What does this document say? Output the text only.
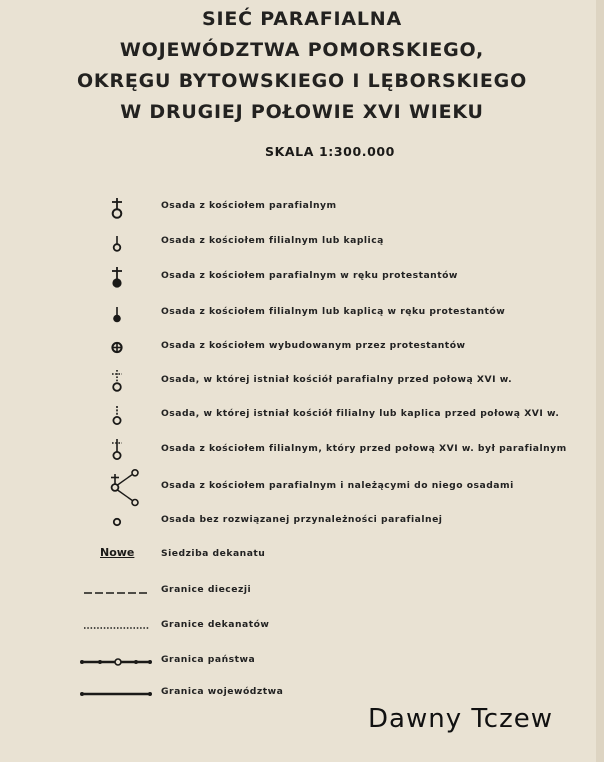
SIEĆ PARAFIALNA
WOJEWÓDZTWA POMORSKIEGO,
OKRĘGU BYTOWSKIEGO I LĘBORSKIEGO
W DRUGIEJ POŁOWIE XVI WIEKU
SKALA 1:300.000
Osada z kościołem parafialnym
Osada z kościołem filialnym lub kaplicą
Osada z kościołem parafialnym w ręku protestantów
Osada z kościołem filialnym lub kaplicą w ręku protestantów
Osada z kościołem wybudowanym przez protestantów
Osada, w której istniał kościół parafialny przed połową XVI w.
Osada, w której istniał kościół filialny lub kaplica przed połową XVI w.
Osada z kościołem filialnym, który przed połową XVI w. był parafialnym
Osada z kościołem parafialnym i należącymi do niego osadami
Osada bez rozwiązanej przynależności parafialnej
Nowe	Siedziba dekanatu
Granice diecezji
Granice dekanatów
Granica państwa
Granica województwa
Dawny Tczew
